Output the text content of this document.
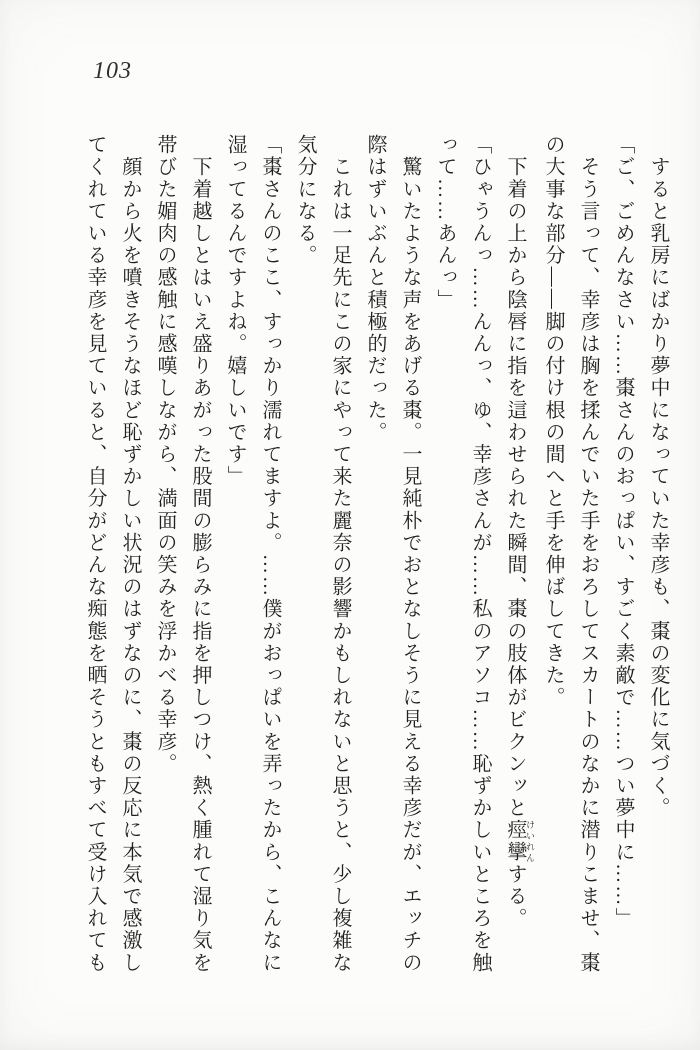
103
　すると乳房にばかり夢中になっていた幸彦も、棗の変化に気づく。
「ご、ごめんなさい……棗さんのおっぱい、すごく素敵で……つい夢中に……」
　そう言って、幸彦は胸を揉んでいた手をおろしてスカートのなかに潜りこませ、棗
の大事な部分――脚の付け根の間へと手を伸ばしてきた。
　下着の上から陰唇に指を這わせられた瞬間、棗の肢体がビクンッと痙攣 けいれんする。
「ひゃうんっ……んんっ、ゆ、幸彦さんが……私のアソコ……恥ずかしいところを触
って……あんっ」
　驚いたような声をあげる棗。一見純朴でおとなしそうに見える幸彦だが、エッチの
際はずいぶんと積極的だった。
　これは一足先にこの家にやって来た麗奈の影響かもしれないと思うと、少し複雑な
気分になる。
「棗さんのここ、すっかり濡れてますよ。……僕がおっぱいを弄ったから、こんなに
湿ってるんですよね。嬉しいです」
　下着越しとはいえ盛りあがった股間の膨らみに指を押しつけ、熱く腫れて湿り気を
帯びた媚肉の感触に感嘆しながら、満面の笑みを浮かべる幸彦。
　顔から火を噴きそうなほど恥ずかしい状況のはずなのに、棗の反応に本気で感激し
てくれている幸彦を見ていると、自分がどんな痴態を晒そうともすべて受け入れても
